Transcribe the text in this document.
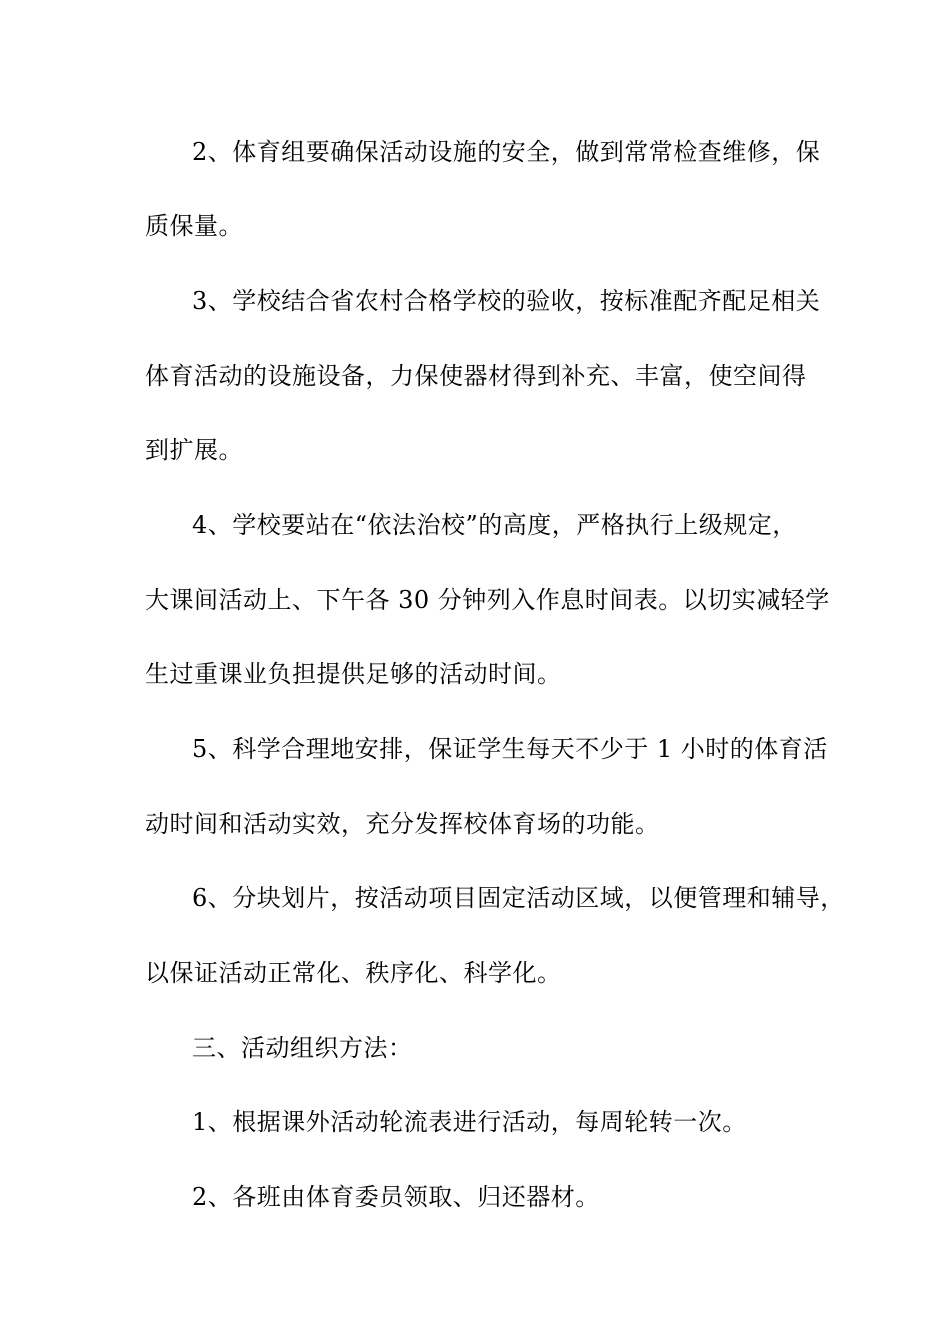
2、体育组要确保活动设施的安全，做到常常检查维修，保
质保量。
3、学校结合省农村合格学校的验收，按标准配齐配足相关
体育活动的设施设备，力保使器材得到补充、丰富，使空间得
到扩展。
4、学校要站在“依法治校”的高度，严格执行上级规定，
大课间活动上、下午各 30 分钟列入作息时间表。以切实减轻学
生过重课业负担提供足够的活动时间。
5、科学合理地安排，保证学生每天不少于 1 小时的体育活
动时间和活动实效，充分发挥校体育场的功能。
6、分块划片，按活动项目固定活动区域，以便管理和辅导，
以保证活动正常化、秩序化、科学化。
三、活动组织方法：
1、根据课外活动轮流表进行活动，每周轮转一次。
2、各班由体育委员领取、归还器材。
